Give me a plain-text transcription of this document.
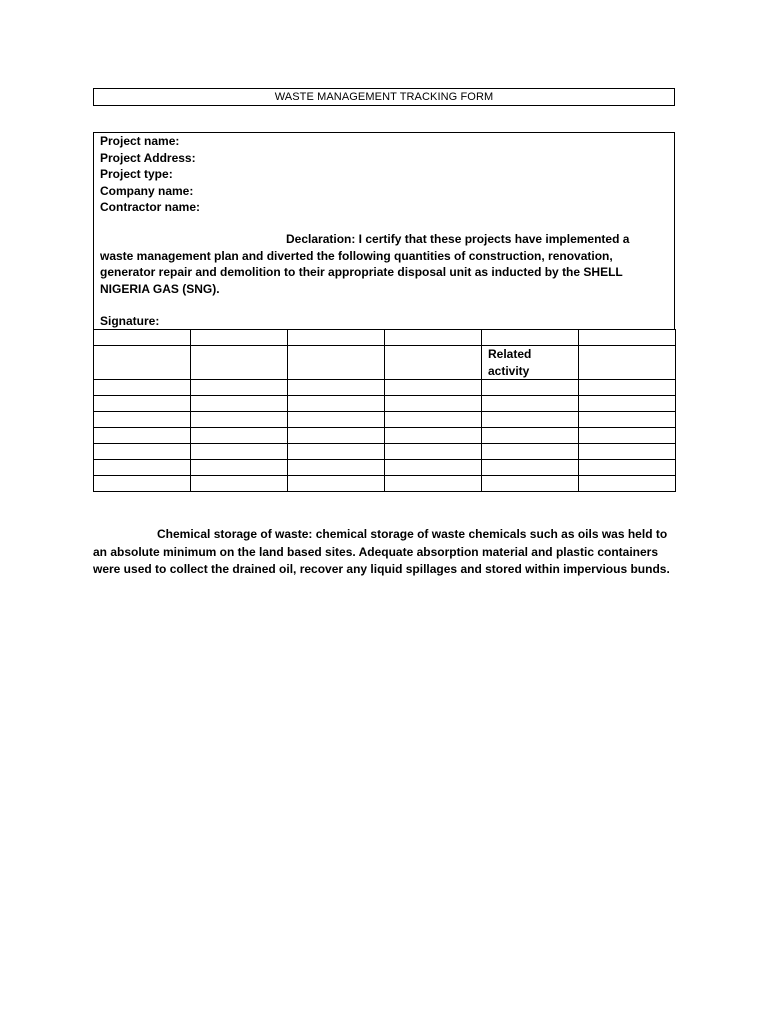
WASTE MANAGEMENT TRACKING FORM
Project name:
Project Address:
Project type:
Company name:
Contractor name:
Declaration: I certify that these projects have implemented a waste management plan and diverted the following quantities of construction, renovation, generator repair and demolition to their appropriate disposal unit as inducted by the SHELL NIGERIA GAS (SNG).
Signature:

				Related activity	

Chemical storage of waste: chemical storage of waste chemicals such as oils was held to an absolute minimum on the land based sites. Adequate absorption material and plastic containers were used to collect the drained oil, recover any liquid spillages and stored within impervious bunds.
